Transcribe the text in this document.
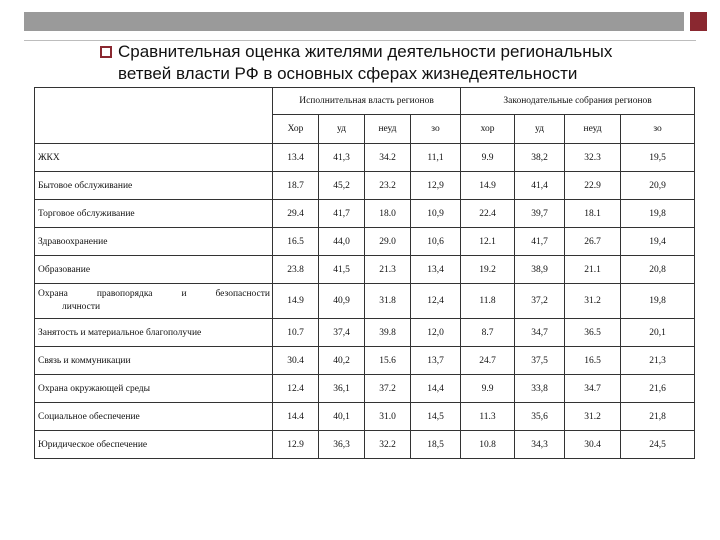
Сравнительная оценка жителями деятельности региональных
ветвей власти РФ в основных сферах жизнедеятельности
	Исполнительная власть регионов				Законодательные собрания регионов			
	Хор	уд	неуд	зо	хор	уд	неуд	зо
ЖКХ	13.4	41,3	34.2	11,1	9.9	38,2	32.3	19,5
Бытовое обслуживание	18.7	45,2	23.2	12,9	14.9	41,4	22.9	20,9
Торговое обслуживание	29.4	41,7	18.0	10,9	22.4	39,7	18.1	19,8
Здравоохранение	16.5	44,0	29.0	10,6	12.1	41,7	26.7	19,4
Образование	23.8	41,5	21.3	13,4	19.2	38,9	21.1	20,8

Охрана правопорядка и безопасности
личности	14.9	40,9	31.8	12,4	11.8	37,2	31.2	19,8
Занятость и материальное благополучие	10.7	37,4	39.8	12,0	8.7	34,7	36.5	20,1
Связь и коммуникации	30.4	40,2	15.6	13,7	24.7	37,5	16.5	21,3
Охрана окружающей среды	12.4	36,1	37.2	14,4	9.9	33,8	34.7	21,6
Социальное обеспечение	14.4	40,1	31.0	14,5	11.3	35,6	31.2	21,8
Юридическое обеспечение	12.9	36,3	32.2	18,5	10.8	34,3	30.4	24,5
